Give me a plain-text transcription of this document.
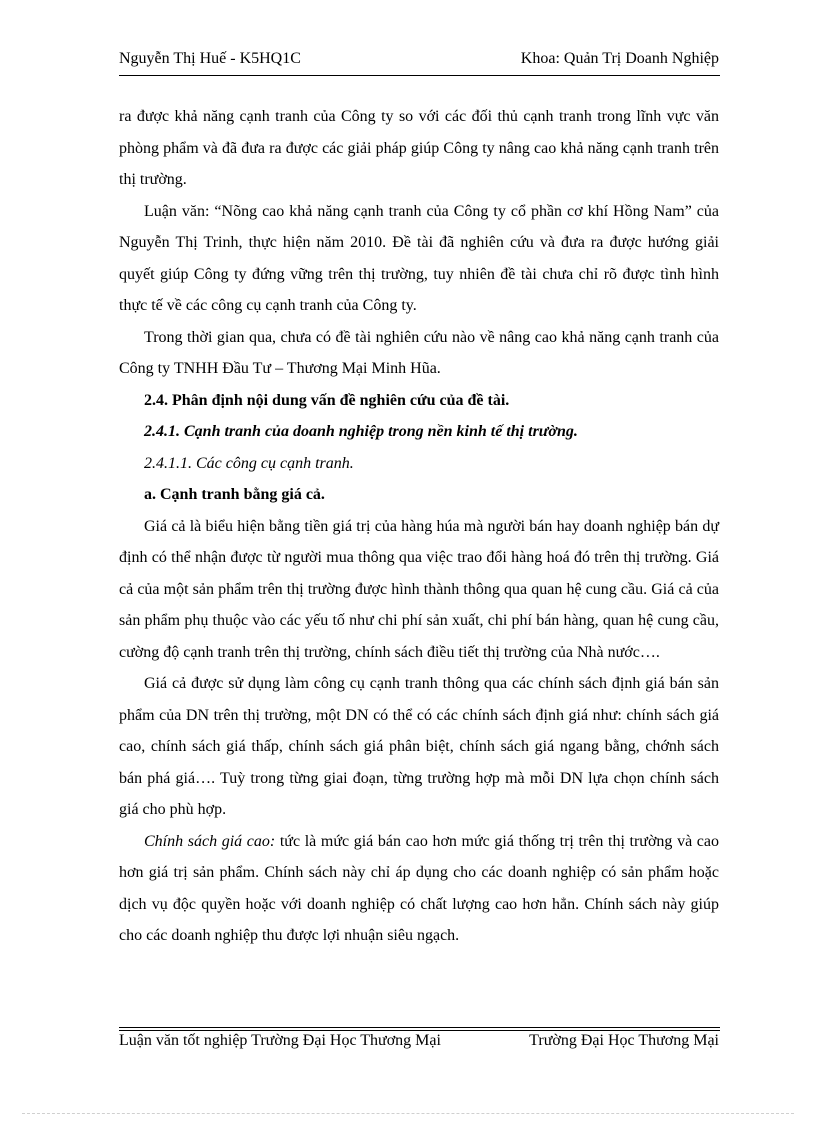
Nguyễn Thị Huế - K5HQ1C	Khoa: Quản Trị Doanh Nghiệp

ra được khả năng cạnh tranh của Công ty so với các đối thủ cạnh tranh trong lĩnh vực văn phòng phẩm và đã đưa ra được các giải pháp giúp Công ty nâng cao khả năng cạnh tranh trên thị trường.

Luận văn: “Nõng cao khả năng cạnh tranh của Công ty cổ phần cơ khí Hồng Nam” của Nguyễn Thị Trinh, thực hiện năm 2010. Đề tài đã nghiên cứu và đưa ra được hướng giải quyết giúp Công ty đứng vững trên thị trường, tuy nhiên đề tài chưa chỉ rõ được tình hình thực tế về các công cụ cạnh tranh của Công ty.

Trong thời gian qua, chưa có đề tài nghiên cứu nào về nâng cao khả năng cạnh tranh của Công ty TNHH Đầu Tư – Thương Mại Minh Hũa.

2.4. Phân định nội dung vấn đề nghiên cứu của đề tài.

2.4.1. Cạnh tranh của doanh nghiệp trong nền kinh tế thị trường.

2.4.1.1. Các công cụ cạnh tranh.

a. Cạnh tranh bằng giá cả.

Giá cả là biểu hiện bằng tiền giá trị của hàng húa mà người bán hay doanh nghiệp bán dự định có thể nhận được từ người mua thông qua việc trao đổi hàng hoá đó trên thị trường. Giá cả của một sản phẩm trên thị trường được hình thành thông qua quan hệ cung cầu. Giá cả của sản phẩm phụ thuộc vào các yếu tố như chi phí sản xuất, chi phí bán hàng, quan hệ cung cầu, cường độ cạnh tranh trên thị trường, chính sách điều tiết thị trường của Nhà nước….

Giá cả được sử dụng làm công cụ cạnh tranh thông qua các chính sách định giá bán sản phẩm của DN trên thị trường, một DN có thể có các chính sách định giá như: chính sách giá cao, chính sách giá thấp, chính sách giá phân biệt, chính sách giá ngang bằng, chớnh sách bán phá giá…. Tuỳ trong từng giai đoạn, từng trường hợp mà mỗi DN lựa chọn chính sách giá cho phù hợp.

Chính sách giá cao: tức là mức giá bán cao hơn mức giá thống trị trên thị trường và cao hơn giá trị sản phẩm. Chính sách này chỉ áp dụng cho các doanh nghiệp có sản phẩm hoặc dịch vụ độc quyền hoặc với doanh nghiệp có chất lượng cao hơn hẳn. Chính sách này giúp cho các doanh nghiệp thu được lợi nhuận siêu ngạch.

Luận văn tốt nghiệp Trường Đại Học Thương Mại	Trường Đại Học Thương Mại
